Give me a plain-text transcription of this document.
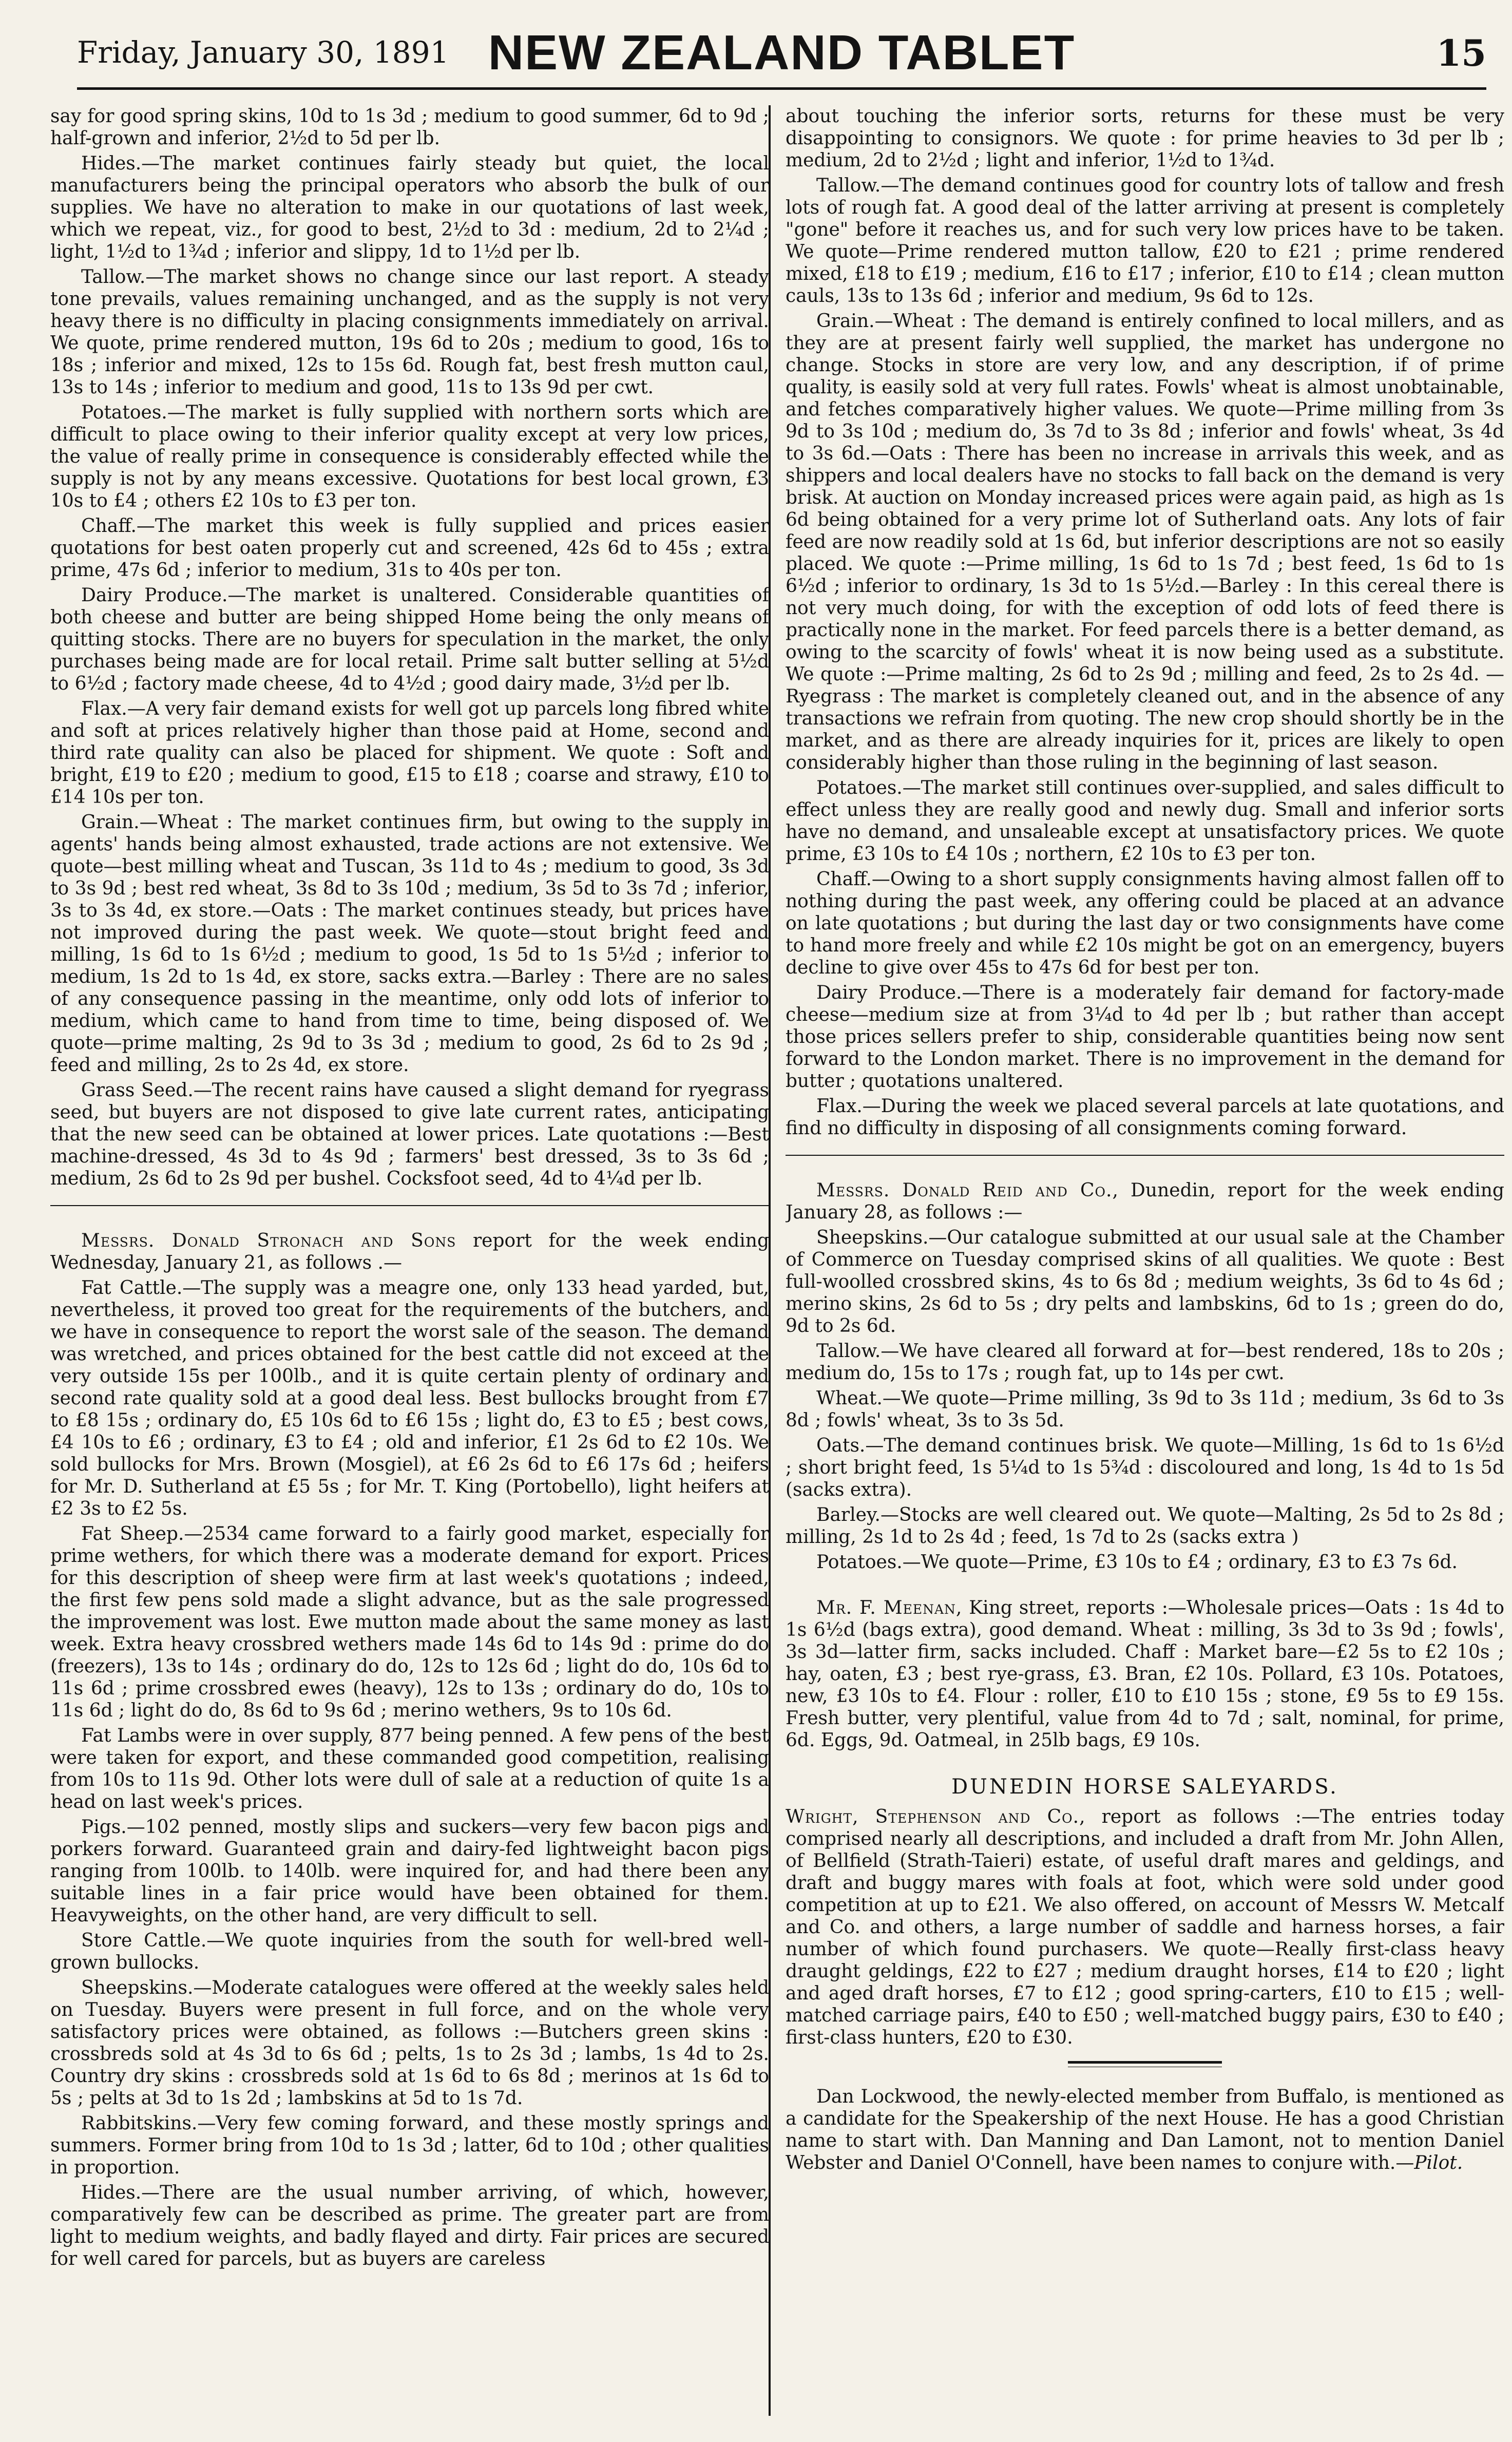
Friday, January 30, 1891 NEW ZEALAND TABLET	15

say for good spring skins, 10d to 1s 3d ; medium to good summer, 6d to 9d ; half-grown and inferior, 2½d to 5d per lb.

Hides.—The market continues fairly steady but quiet, the local manufacturers being the principal operators who absorb the bulk of our supplies. We have no alteration to make in our quotations of last week, which we repeat, viz., for good to best, 2½d to 3d : medium, 2d to 2¼d ; light, 1½d to 1¾d ; inferior and slippy, 1d to 1½d per lb.

Tallow.—The market shows no change since our last report. A steady tone prevails, values remaining unchanged, and as the supply is not very heavy there is no difficulty in placing consignments immediately on arrival. We quote, prime rendered mutton, 19s 6d to 20s ; medium to good, 16s to 18s ; inferior and mixed, 12s to 15s 6d. Rough fat, best fresh mutton caul, 13s to 14s ; inferior to medium and good, 11s to 13s 9d per cwt.

Potatoes.—The market is fully supplied with northern sorts which are difficult to place owing to their inferior quality except at very low prices, the value of really prime in consequence is considerably effected while the supply is not by any means excessive. Quotations for best local grown, £3 10s to £4 ; others £2 10s to £3 per ton.

Chaff.—The market this week is fully supplied and prices easier quotations for best oaten properly cut and screened, 42s 6d to 45s ; extra prime, 47s 6d ; inferior to medium, 31s to 40s per ton.

Dairy Produce.—The market is unaltered. Considerable quantities of both cheese and butter are being shipped Home being the only means of quitting stocks. There are no buyers for speculation in the market, the only purchases being made are for local retail. Prime salt butter selling at 5½d to 6½d ; factory made cheese, 4d to 4½d ; good dairy made, 3½d per lb.

Flax.—A very fair demand exists for well got up parcels long fibred white and soft at prices relatively higher than those paid at Home, second and third rate quality can also be placed for shipment. We quote : Soft and bright, £19 to £20 ; medium to good, £15 to £18 ; coarse and strawy, £10 to £14 10s per ton.

Grain.—Wheat : The market continues firm, but owing to the supply in agents' hands being almost exhausted, trade actions are not extensive. We quote—best milling wheat and Tuscan, 3s 11d to 4s ; medium to good, 3s 3d to 3s 9d ; best red wheat, 3s 8d to 3s 10d ; medium, 3s 5d to 3s 7d ; inferior, 3s to 3s 4d, ex store.—Oats : The market continues steady, but prices have not improved during the past week. We quote—stout bright feed and milling, 1s 6d to 1s 6½d ; medium to good, 1s 5d to 1s 5½d ; inferior to medium, 1s 2d to 1s 4d, ex store, sacks extra.—Barley : There are no sales of any consequence passing in the meantime, only odd lots of inferior to medium, which came to hand from time to time, being disposed of. We quote—prime malting, 2s 9d to 3s 3d ; medium to good, 2s 6d to 2s 9d ; feed and milling, 2s to 2s 4d, ex store.

Grass Seed.—The recent rains have caused a slight demand for ryegrass seed, but buyers are not disposed to give late current rates, anticipating that the new seed can be obtained at lower prices. Late quotations :—Best machine-dressed, 4s 3d to 4s 9d ; farmers' best dressed, 3s to 3s 6d ; medium, 2s 6d to 2s 9d per bushel. Cocksfoot seed, 4d to 4¼d per lb.

Messrs. Donald Stronach and Sons report for the week ending Wednesday, January 21, as follows .—

Fat Cattle.—The supply was a meagre one, only 133 head yarded, but, nevertheless, it proved too great for the requirements of the butchers, and we have in consequence to report the worst sale of the season. The demand was wretched, and prices obtained for the best cattle did not exceed at the very outside 15s per 100lb., and it is quite certain plenty of ordinary and second rate quality sold at a good deal less. Best bullocks brought from £7 to £8 15s ; ordinary do, £5 10s 6d to £6 15s ; light do, £3 to £5 ; best cows, £4 10s to £6 ; ordinary, £3 to £4 ; old and inferior, £1 2s 6d to £2 10s. We sold bullocks for Mrs. Brown (Mosgiel), at £6 2s 6d to £6 17s 6d ; heifers for Mr. D. Sutherland at £5 5s ; for Mr. T. King (Portobello), light heifers at £2 3s to £2 5s.

Fat Sheep.—2534 came forward to a fairly good market, especially for prime wethers, for which there was a moderate demand for export. Prices for this description of sheep were firm at last week's quotations ; indeed, the first few pens sold made a slight advance, but as the sale progressed the improvement was lost. Ewe mutton made about the same money as last week. Extra heavy crossbred wethers made 14s 6d to 14s 9d : prime do do (freezers), 13s to 14s ; ordinary do do, 12s to 12s 6d ; light do do, 10s 6d to 11s 6d ; prime crossbred ewes (heavy), 12s to 13s ; ordinary do do, 10s to 11s 6d ; light do do, 8s 6d to 9s 6d ; merino wethers, 9s to 10s 6d.

Fat Lambs were in over supply, 877 being penned. A few pens of the best were taken for export, and these commanded good competition, realising from 10s to 11s 9d. Other lots were dull of sale at a reduction of quite 1s a head on last week's prices.

Pigs.—102 penned, mostly slips and suckers—very few bacon pigs and porkers forward. Guaranteed grain and dairy-fed lightweight bacon pigs ranging from 100lb. to 140lb. were inquired for, and had there been any suitable lines in a fair price would have been obtained for them. Heavyweights, on the other hand, are very difficult to sell.

Store Cattle.—We quote inquiries from the south for well-bred well-grown bullocks.

Sheepskins.—Moderate catalogues were offered at the weekly sales held on Tuesday. Buyers were present in full force, and on the whole very satisfactory prices were obtained, as follows :—Butchers green skins : crossbreds sold at 4s 3d to 6s 6d ; pelts, 1s to 2s 3d ; lambs, 1s 4d to 2s. Country dry skins : crossbreds sold at 1s 6d to 6s 8d ; merinos at 1s 6d to 5s ; pelts at 3d to 1s 2d ; lambskins at 5d to 1s 7d.

Rabbitskins.—Very few coming forward, and these mostly springs and summers. Former bring from 10d to 1s 3d ; latter, 6d to 10d ; other qualities in proportion.

Hides.—There are the usual number arriving, of which, however, comparatively few can be described as prime. The greater part are from light to medium weights, and badly flayed and dirty. Fair prices are secured for well cared for parcels, but as buyers are careless

about touching the inferior sorts, returns for these must be very disappointing to consignors. We quote : for prime heavies to 3d per lb ; medium, 2d to 2½d ; light and inferior, 1½d to 1¾d.

Tallow.—The demand continues good for country lots of tallow and fresh lots of rough fat. A good deal of the latter arriving at present is completely "gone" before it reaches us, and for such very low prices have to be taken. We quote—Prime rendered mutton tallow, £20 to £21 ; prime rendered mixed, £18 to £19 ; medium, £16 to £17 ; inferior, £10 to £14 ; clean mutton cauls, 13s to 13s 6d ; inferior and medium, 9s 6d to 12s.

Grain.—Wheat : The demand is entirely confined to local millers, and as they are at present fairly well supplied, the market has undergone no change. Stocks in store are very low, and any description, if of prime quality, is easily sold at very full rates. Fowls' wheat is almost unobtainable, and fetches comparatively higher values. We quote—Prime milling from 3s 9d to 3s 10d ; medium do, 3s 7d to 3s 8d ; inferior and fowls' wheat, 3s 4d to 3s 6d.—Oats : There has been no increase in arrivals this week, and as shippers and local dealers have no stocks to fall back on the demand is very brisk. At auction on Monday increased prices were again paid, as high as 1s 6d being obtained for a very prime lot of Sutherland oats. Any lots of fair feed are now readily sold at 1s 6d, but inferior descriptions are not so easily placed. We quote :—Prime milling, 1s 6d to 1s 7d ; best feed, 1s 6d to 1s 6½d ; inferior to ordinary, 1s 3d to 1s 5½d.—Barley : In this cereal there is not very much doing, for with the exception of odd lots of feed there is practically none in the market. For feed parcels there is a better demand, as owing to the scarcity of fowls' wheat it is now being used as a substitute. We quote :—Prime malting, 2s 6d to 2s 9d ; milling and feed, 2s to 2s 4d. —Ryegrass : The market is completely cleaned out, and in the absence of any transactions we refrain from quoting. The new crop should shortly be in the market, and as there are already inquiries for it, prices are likely to open considerably higher than those ruling in the beginning of last season.

Potatoes.—The market still continues over-supplied, and sales difficult to effect unless they are really good and newly dug. Small and inferior sorts have no demand, and unsaleable except at unsatisfactory prices. We quote prime, £3 10s to £4 10s ; northern, £2 10s to £3 per ton.

Chaff.—Owing to a short supply consignments having almost fallen off to nothing during the past week, any offering could be placed at an advance on late quotations ; but during the last day or two consignments have come to hand more freely and while £2 10s might be got on an emergency, buyers decline to give over 45s to 47s 6d for best per ton.

Dairy Produce.—There is a moderately fair demand for factory-made cheese—medium size at from 3¼d to 4d per lb ; but rather than accept those prices sellers prefer to ship, considerable quantities being now sent forward to the London market. There is no improvement in the demand for butter ; quotations unaltered.

Flax.—During the week we placed several parcels at late quotations, and find no difficulty in disposing of all consignments coming forward.

Messrs. Donald Reid and Co., Dunedin, report for the week ending January 28, as follows :—

Sheepskins.—Our catalogue submitted at our usual sale at the Chamber of Commerce on Tuesday comprised skins of all qualities. We quote : Best full-woolled crossbred skins, 4s to 6s 8d ; medium weights, 3s 6d to 4s 6d ; merino skins, 2s 6d to 5s ; dry pelts and lambskins, 6d to 1s ; green do do, 9d to 2s 6d.

Tallow.—We have cleared all forward at for—best rendered, 18s to 20s ; medium do, 15s to 17s ; rough fat, up to 14s per cwt.

Wheat.—We quote—Prime milling, 3s 9d to 3s 11d ; medium, 3s 6d to 3s 8d ; fowls' wheat, 3s to 3s 5d.

Oats.—The demand continues brisk. We quote—Milling, 1s 6d to 1s 6½d ; short bright feed, 1s 5¼d to 1s 5¾d : discoloured and long, 1s 4d to 1s 5d (sacks extra).

Barley.—Stocks are well cleared out. We quote—Malting, 2s 5d to 2s 8d ; milling, 2s 1d to 2s 4d ; feed, 1s 7d to 2s (sacks extra )

Potatoes.—We quote—Prime, £3 10s to £4 ; ordinary, £3 to £3 7s 6d.

Mr. F. Meenan, King street, reports :—Wholesale prices—Oats : 1s 4d to 1s 6½d (bags extra), good demand. Wheat : milling, 3s 3d to 3s 9d ; fowls', 3s 3d—latter firm, sacks included. Chaff : Market bare—£2 5s to £2 10s ; hay, oaten, £3 ; best rye-grass, £3. Bran, £2 10s. Pollard, £3 10s. Potatoes, new, £3 10s to £4. Flour : roller, £10 to £10 15s ; stone, £9 5s to £9 15s. Fresh butter, very plentiful, value from 4d to 7d ; salt, nominal, for prime, 6d. Eggs, 9d. Oatmeal, in 25lb bags, £9 10s.

DUNEDIN HORSE SALEYARDS.

Wright, Stephenson and Co., report as follows :—The entries today comprised nearly all descriptions, and included a draft from Mr. John Allen, of Bellfield (Strath-Taieri) estate, of useful draft mares and geldings, and draft and buggy mares with foals at foot, which were sold under good competition at up to £21. We also offered, on account of Messrs W. Metcalf and Co. and others, a large number of saddle and harness horses, a fair number of which found purchasers. We quote—Really first-class heavy draught geldings, £22 to £27 ; medium draught horses, £14 to £20 ; light and aged draft horses, £7 to £12 ; good spring-carters, £10 to £15 ; well-matched carriage pairs, £40 to £50 ; well-matched buggy pairs, £30 to £40 ; first-class hunters, £20 to £30.

Dan Lockwood, the newly-elected member from Buffalo, is mentioned as a candidate for the Speakership of the next House. He has a good Christian name to start with. Dan Manning and Dan Lamont, not to mention Daniel Webster and Daniel O'Connell, have been names to conjure with.—Pilot.
